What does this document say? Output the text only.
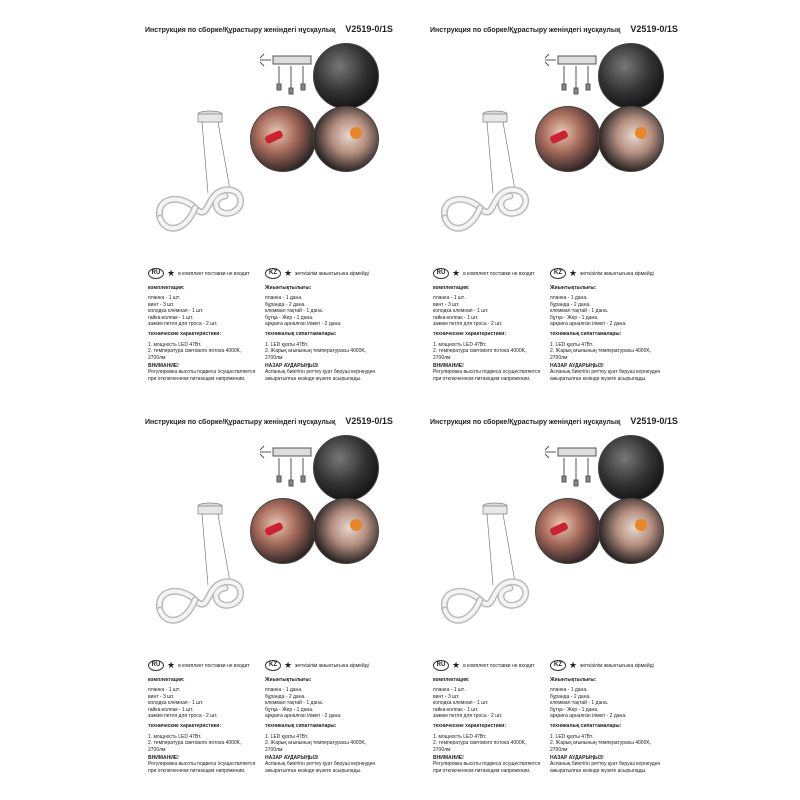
Инструкция по сборке/Құрастыру женіндегі нұсқаулық V2519-0/1S
RU ★ в комплект поставки не входит
комплектация:
планка - 1 шт.
винт - 3 шт.
колодка клемная - 1 шт.
гайка-колпак - 1 шт.
зажим петля для троса - 2 шт.
технические характеристики:
1. мощность LED 47Вт.
2. температура светового потока 4000K,
2700лм
ВНИМАНИЕ!
Регулировка высоты подвеса осуществляется
при отключенном питающем напряжении.
KZ ★ жеткізілім жиынтығына кірмейді
Жиынтықтылығы:
планка - 1 дана.
бұранда - 2 дана.
клеммал тақтай - 1 дана.
бұтқа - Жер - 1 дана.
арқанға арналған ілмегі - 2 дана.
техникалық сипаттамалары:
1. LED қуаты 47Вт.
2. Жарық ағынының температурасы 4000K,
2700лм
НАЗАР АУДАРЫҢЫЗ!
Аспаның биіктігін реттеу қуат беруші кернеуден
ажыратылған кезінде жүзеге асырылады.
Инструкция по сборке/Құрастыру женіндегі нұсқаулық V2519-0/1S
RU ★ в комплект поставки не входит
комплектация:
планка - 1 шт.
винт - 3 шт.
колодка клемная - 1 шт.
гайка-колпак - 1 шт.
зажим петля для троса - 2 шт.
технические характеристики:
1. мощность LED 47Вт.
2. температура светового потока 4000K,
2700лм
ВНИМАНИЕ!
Регулировка высоты подвеса осуществляется
при отключенном питающем напряжении.
KZ ★ жеткізілім жиынтығына кірмейді
Жиынтықтылығы:
планка - 1 дана.
бұранда - 2 дана.
клеммал тақтай - 1 дана.
бұтқа - Жер - 1 дана.
арқанға арналған ілмегі - 2 дана.
техникалық сипаттамалары:
1. LED қуаты 47Вт.
2. Жарық ағынының температурасы 4000K,
2700лм
НАЗАР АУДАРЫҢЫЗ!
Аспаның биіктігін реттеу қуат беруші кернеуден
ажыратылған кезінде жүзеге асырылады.
Инструкция по сборке/Құрастыру женіндегі нұсқаулық V2519-0/1S
RU ★ в комплект поставки не входит
комплектация:
планка - 1 шт.
винт - 3 шт.
колодка клемная - 1 шт.
гайка-колпак - 1 шт.
зажим петля для троса - 2 шт.
технические характеристики:
1. мощность LED 47Вт.
2. температура светового потока 4000K,
2700лм
ВНИМАНИЕ!
Регулировка высоты подвеса осуществляется
при отключенном питающем напряжении.
KZ ★ жеткізілім жиынтығына кірмейді
Жиынтықтылығы:
планка - 1 дана.
бұранда - 2 дана.
клеммал тақтай - 1 дана.
бұтқа - Жер - 1 дана.
арқанға арналған ілмегі - 2 дана.
техникалық сипаттамалары:
1. LED қуаты 47Вт.
2. Жарық ағынының температурасы 4000K,
2700лм
НАЗАР АУДАРЫҢЫЗ!
Аспаның биіктігін реттеу қуат беруші кернеуден
ажыратылған кезінде жүзеге асырылады.
Инструкция по сборке/Құрастыру женіндегі нұсқаулық V2519-0/1S
RU ★ в комплект поставки не входит
комплектация:
планка - 1 шт.
винт - 3 шт.
колодка клемная - 1 шт.
гайка-колпак - 1 шт.
зажим петля для троса - 2 шт.
технические характеристики:
1. мощность LED 47Вт.
2. температура светового потока 4000K,
2700лм
ВНИМАНИЕ!
Регулировка высоты подвеса осуществляется
при отключенном питающем напряжении.
KZ ★ жеткізілім жиынтығына кірмейді
Жиынтықтылығы:
планка - 1 дана.
бұранда - 2 дана.
клеммал тақтай - 1 дана.
бұтқа - Жер - 1 дана.
арқанға арналған ілмегі - 2 дана.
техникалық сипаттамалары:
1. LED қуаты 47Вт.
2. Жарық ағынының температурасы 4000K,
2700лм
НАЗАР АУДАРЫҢЫЗ!
Аспаның биіктігін реттеу қуат беруші кернеуден
ажыратылған кезінде жүзеге асырылады.
